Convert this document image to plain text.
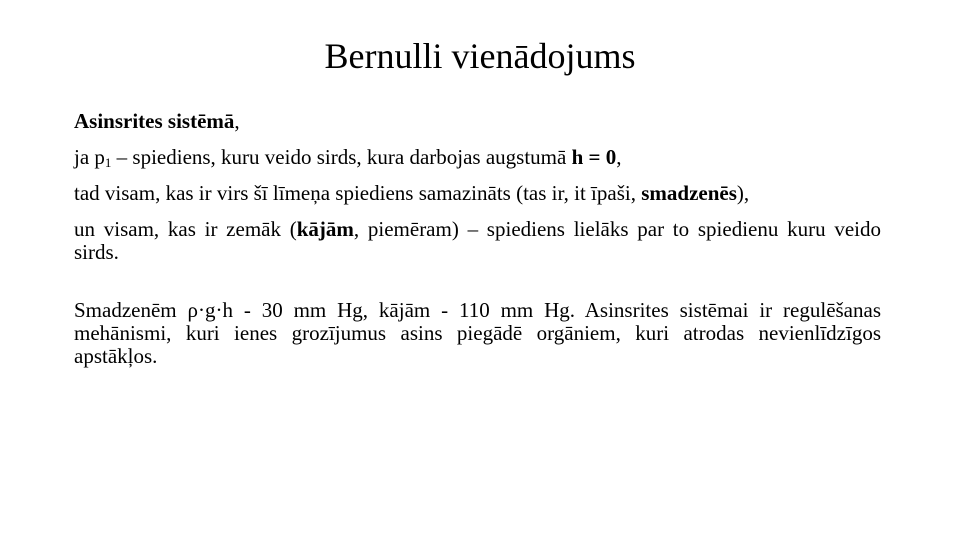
Bernulli vienādojums

Asinsrites sistēmā,

ja $p_1$ – spiediens, kuru veido sirds, kura darbojas augstumā h = 0,

tad visam, kas ir virs šī līmeņa spiediens samazināts (tas ir, it īpaši, smadzenēs),

un visam, kas ir zemāk (kājām, piemēram) – spiediens lielāks par to spiedienu kuru veido sirds.

Smadzenēm ρ·g·h - 30 mm Hg, kājām - 110 mm Hg. Asinsrites sistēmai ir regulēšanas mehānismi, kuri ienes grozījumus asins piegādē orgāniem, kuri atrodas nevienlīdzīgos apstākļos.
